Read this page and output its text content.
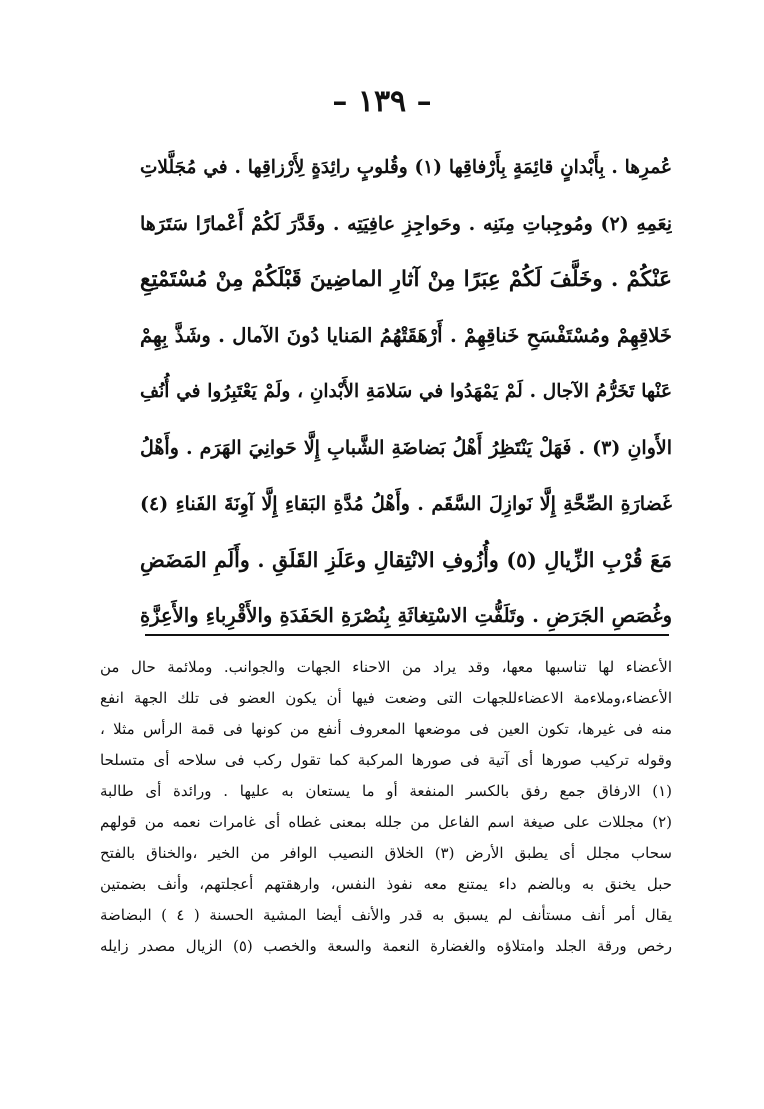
– ١٣٩ –
عُمرِها . بِأَبْدانٍ قائِمَةٍ بِأَرْفاقِها (١) وقُلوبٍ رائِدَةٍ لِأَرْزاقِها . في مُجَلَّلاتِ
نِعَمِهِ (٢) ومُوجِباتِ مِنَنِه . وحَواجِزِ عافِيَتِه . وقَدَّرَ لَكُمْ أَعْمارًا سَتَرَها
عَنْكُمْ . وخَلَّفَ لَكُمْ عِبَرًا مِنْ آثارِ الماضِينَ قَبْلَكُمْ مِنْ مُسْتَمْتِعِ
خَلاقِهِمْ ومُسْتَفْسَحِ خَناقِهِمْ . أَرْهَقَتْهُمُ المَنايا دُونَ الآمال . وشَذَّ بِهِمْ
عَنْها تَخَرُّمُ الآجال . لَمْ يَمْهَدُوا في سَلامَةِ الأَبْدانِ ، ولَمْ يَعْتَبِرُوا في أُنُفِ
الأَوانِ (٣) . فَهَلْ يَنْتَظِرُ أَهْلُ بَضاضَةِ الشَّبابِ إِلَّا حَوانِيَ الهَرَم . وأَهْلُ
غَضارَةِ الصِّحَّةِ إِلَّا نَوازِلَ السَّقَم . وأَهْلُ مُدَّةِ البَقاءِ إِلَّا آوِنَةَ الفَناءِ (٤)
مَعَ قُرْبِ الزِّيالِ (٥) وأُزُوفِ الانْتِقالِ وعَلَزِ القَلَقِ . وأَلَمِ المَضَضِ
وغُصَصِ الجَرَضِ . وتَلَفُّتِ الاسْتِغاثَةِ بِنُصْرَةِ الحَفَدَةِ والأَقْرِباءِ والأَعِزَّةِ
الأعضاء لها تناسبها معها، وقد يراد من الاحناء الجهات والجوانب. وملائمة حال من
الأعضاء،وملاءمة الاعضاءللجهات التى وضعت فيها أن يكون العضو فى تلك الجهة انفع
منه فى غيرها، تكون العين فى موضعها المعروف أنفع من كونها فى قمة الرأس مثلا ،
وقوله تركيب صورها أى آتية فى صورها المركبة كما تقول ركب فى سلاحه أى متسلحا
(١) الارفاق جمع رفق بالكسر المنفعة أو ما يستعان به عليها . ورائدة أى طالبة
(٢) مجللات على صيغة اسم الفاعل من جلله بمعنى غطاه أى غامرات نعمه من قولهم
سحاب مجلل أى يطبق الأرض (٣) الخلاق النصيب الوافر من الخير ،والخناق بالفتح
حبل يخنق به وبالضم داء يمتنع معه نفوذ النفس، وارهقتهم أعجلتهم، وأنف بضمتين
يقال أمر أنف مستأنف لم يسبق به قدر والأنف أيضا المشية الحسنة ( ٤ ) البضاضة
رخص ورقة الجلد وامتلاؤه والغضارة النعمة والسعة والخصب (٥) الزيال مصدر زايله
